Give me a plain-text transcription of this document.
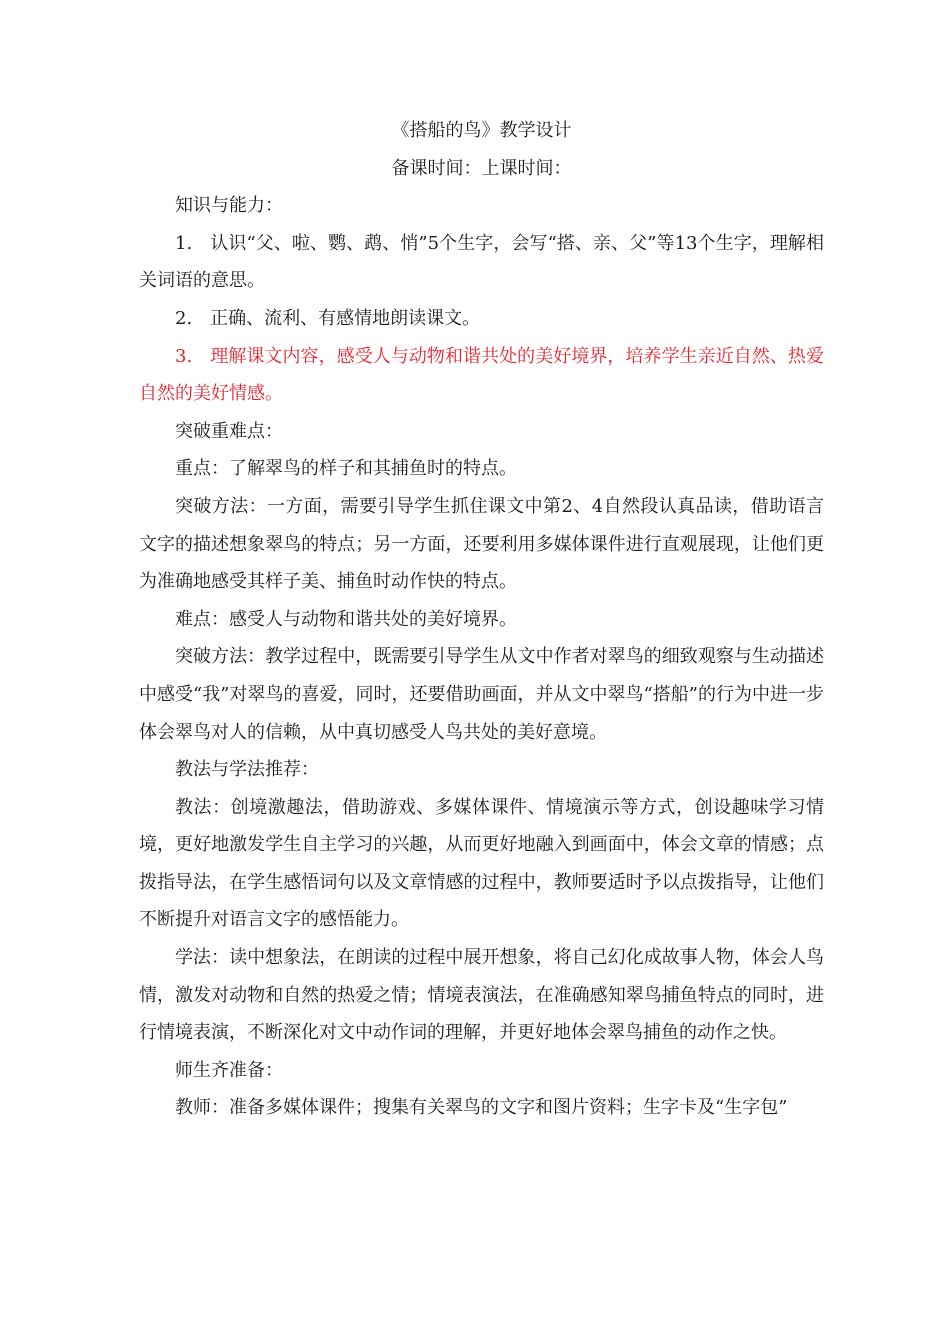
《搭船的鸟》教学设计

备课时间：上课时间：

知识与能力：

1.　认识“父、啦、鹦、鹉、悄”5个生字，会写“搭、亲、父”等13个生字，理解相关词语的意思。

2.　正确、流利、有感情地朗读课文。

3.　理解课文内容，感受人与动物和谐共处的美好境界，培养学生亲近自然、热爱自然的美好情感。

突破重难点：

重点：了解翠鸟的样子和其捕鱼时的特点。

突破方法：一方面，需要引导学生抓住课文中第2、4自然段认真品读，借助语言文字的描述想象翠鸟的特点；另一方面，还要利用多媒体课件进行直观展现，让他们更为准确地感受其样子美、捕鱼时动作快的特点。

难点：感受人与动物和谐共处的美好境界。

突破方法：教学过程中，既需要引导学生从文中作者对翠鸟的细致观察与生动描述中感受“我”对翠鸟的喜爱，同时，还要借助画面，并从文中翠鸟“搭船”的行为中进一步体会翠鸟对人的信赖，从中真切感受人鸟共处的美好意境。

教法与学法推荐：

教法：创境激趣法，借助游戏、多媒体课件、情境演示等方式，创设趣味学习情境，更好地激发学生自主学习的兴趣，从而更好地融入到画面中，体会文章的情感；点拨指导法，在学生感悟词句以及文章情感的过程中，教师要适时予以点拨指导，让他们不断提升对语言文字的感悟能力。

学法：读中想象法，在朗读的过程中展开想象，将自己幻化成故事人物，体会人鸟情，激发对动物和自然的热爱之情；情境表演法，在准确感知翠鸟捕鱼特点的同时，进行情境表演，不断深化对文中动作词的理解，并更好地体会翠鸟捕鱼的动作之快。

师生齐准备：

教师：准备多媒体课件；搜集有关翠鸟的文字和图片资料；生字卡及“生字包”
